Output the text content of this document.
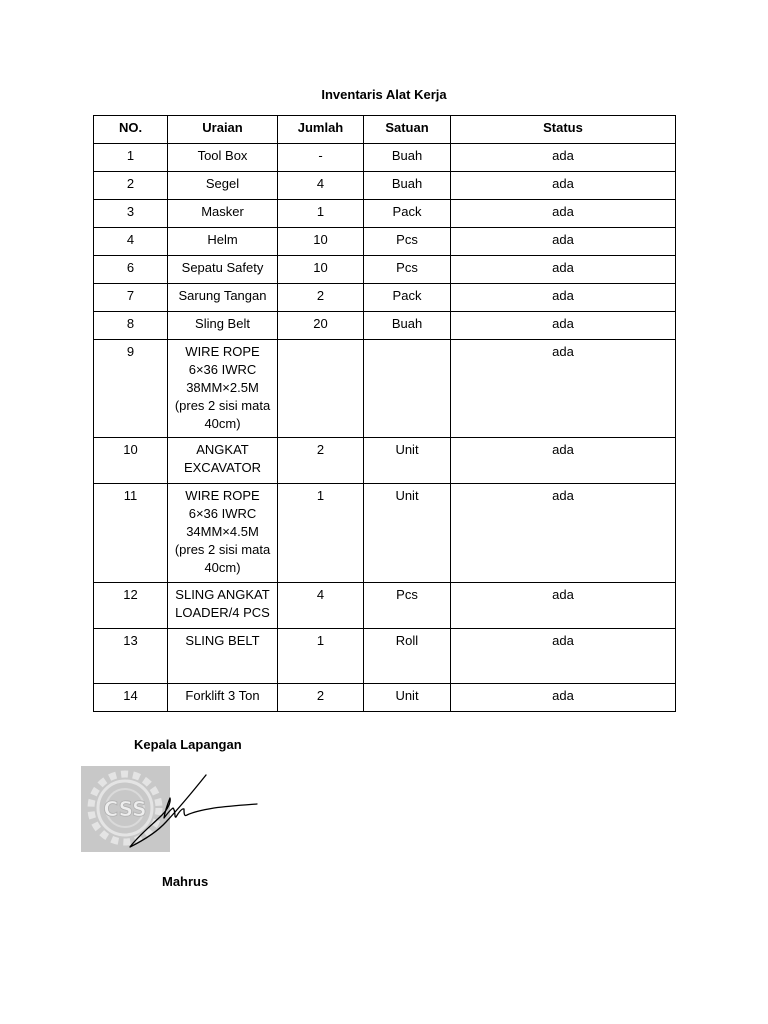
Inventaris Alat Kerja
NO.	Uraian	Jumlah	Satuan	Status
1	Tool Box	-	Buah	ada
2	Segel	4	Buah	ada
3	Masker	1	Pack	ada
4	Helm	10	Pcs	ada
6	Sepatu Safety	10	Pcs	ada
7	Sarung Tangan	2	Pack	ada
8	Sling Belt	20	Buah	ada
9	WIRE ROPE 6×36 IWRC 38MM×2.5M (pres 2 sisi mata 40cm)			ada
10	ANGKAT EXCAVATOR	2	Unit	ada
11	WIRE ROPE 6×36 IWRC 34MM×4.5M (pres 2 sisi mata 40cm)	1	Unit	ada
12	SLING ANGKAT LOADER/4 PCS	4	Pcs	ada
13	SLING BELT	1	Roll	ada
14	Forklift 3 Ton	2	Unit	ada
Kepala Lapangan
CSS
Mahrus
